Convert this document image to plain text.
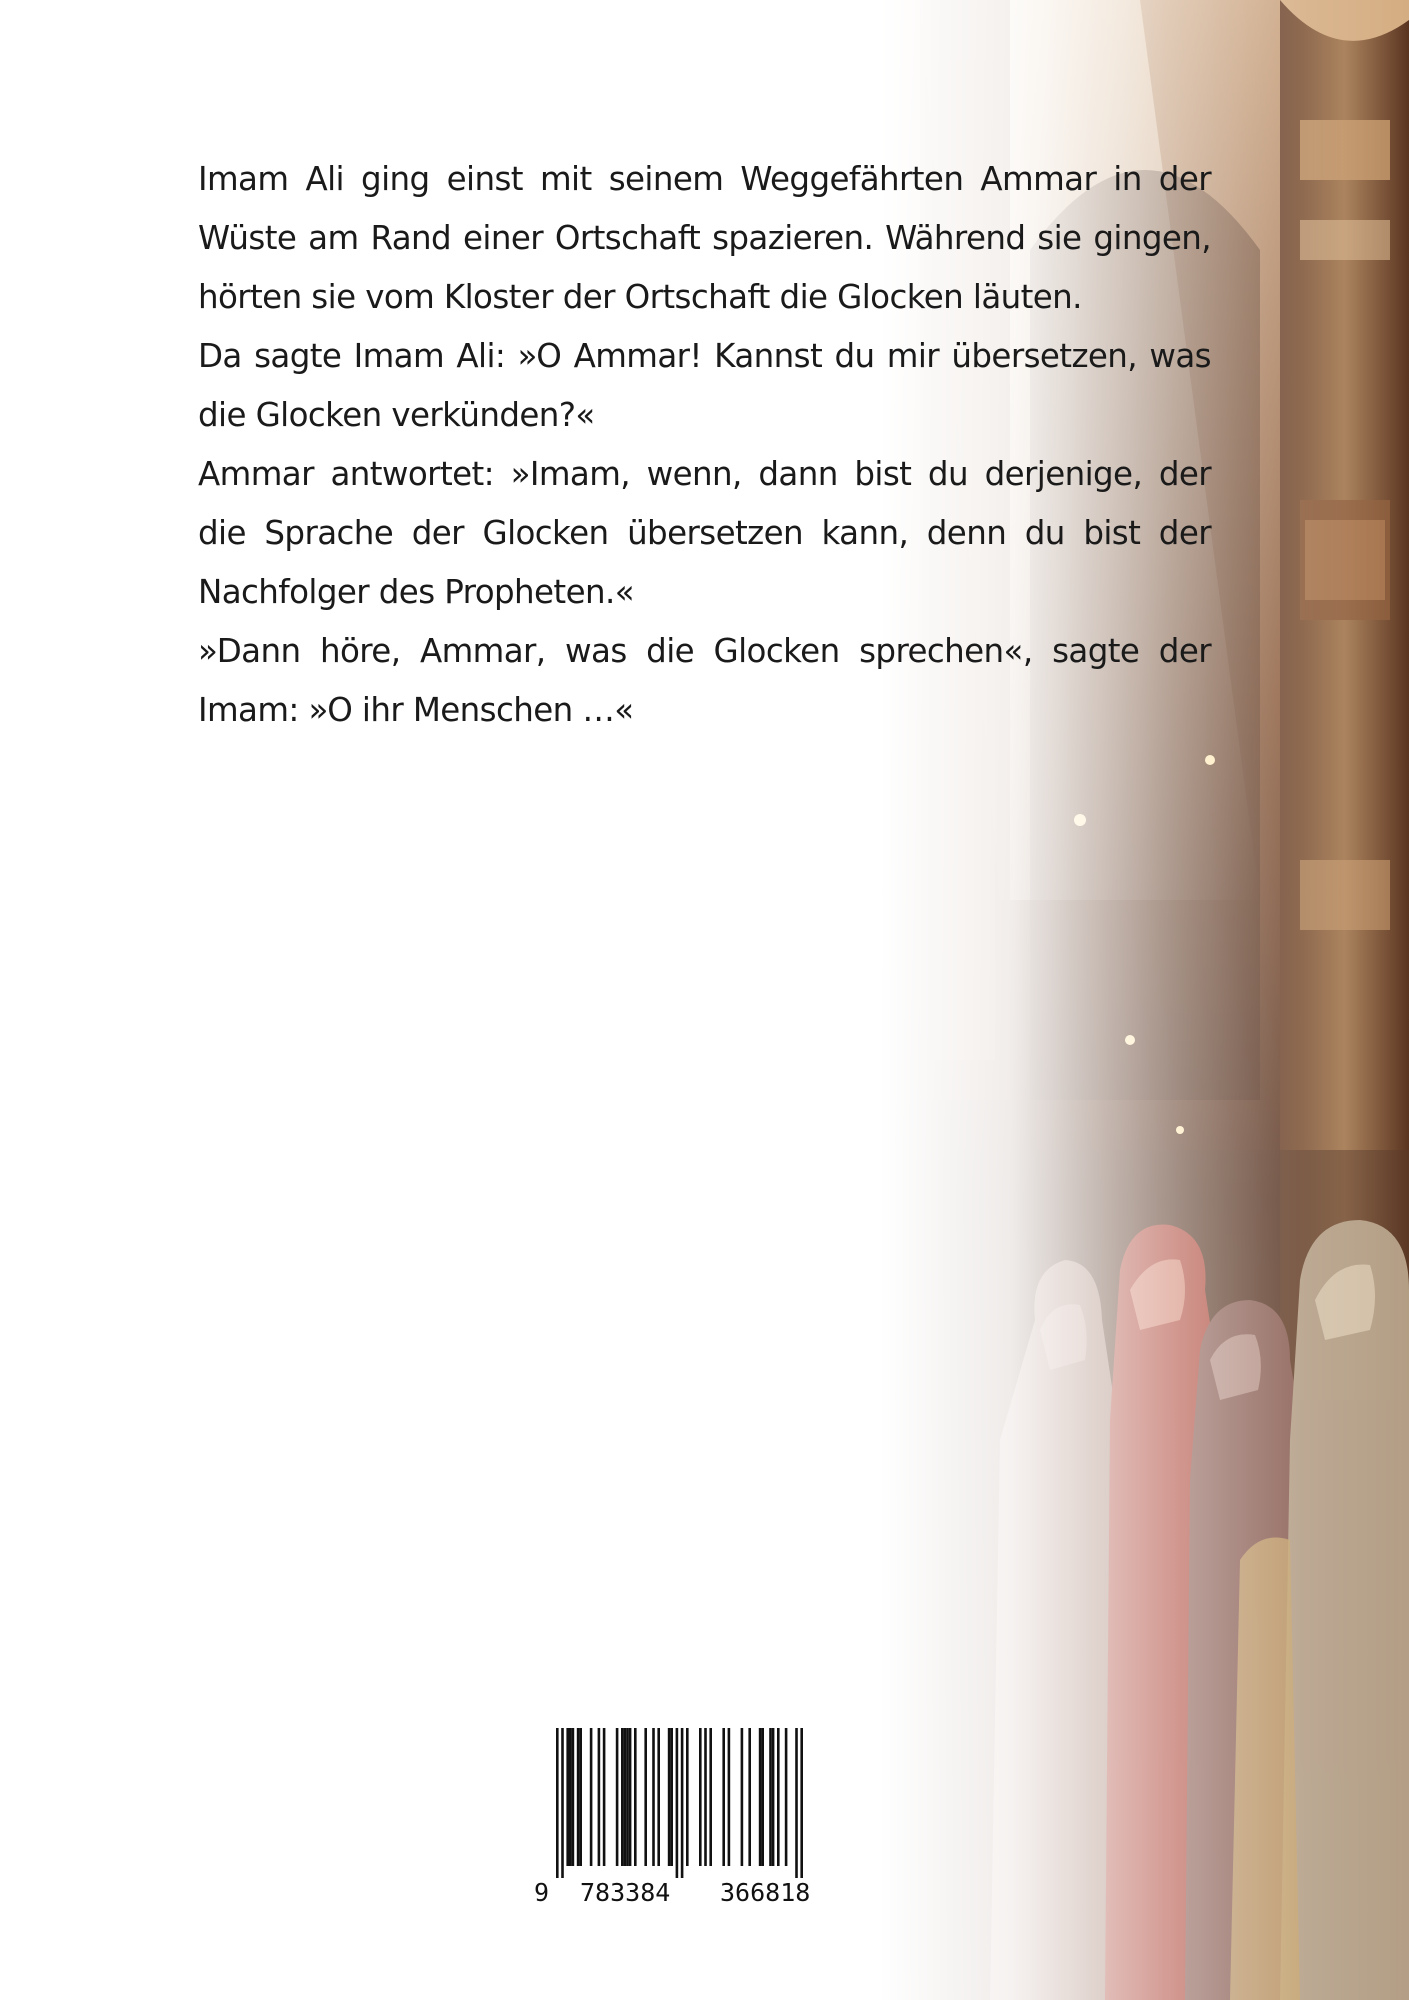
Imam Ali ging einst mit seinem Weggefährten Ammar in der Wüste am Rand einer Ortschaft spazieren. Während sie gingen, hörten sie vom Kloster der Ortschaft die Glocken läuten.

Da sagte Imam Ali: »O Ammar! Kannst du mir übersetzen, was die Glocken verkünden?«

Ammar antwortet: »Imam, wenn, dann bist du derjenige, der die Sprache der Glocken übersetzen kann, denn du bist der Nachfolger des Propheten.«

»Dann höre, Ammar, was die Glocken sprechen«, sagte der Imam: »O ihr Menschen …«

9 783384 366818
